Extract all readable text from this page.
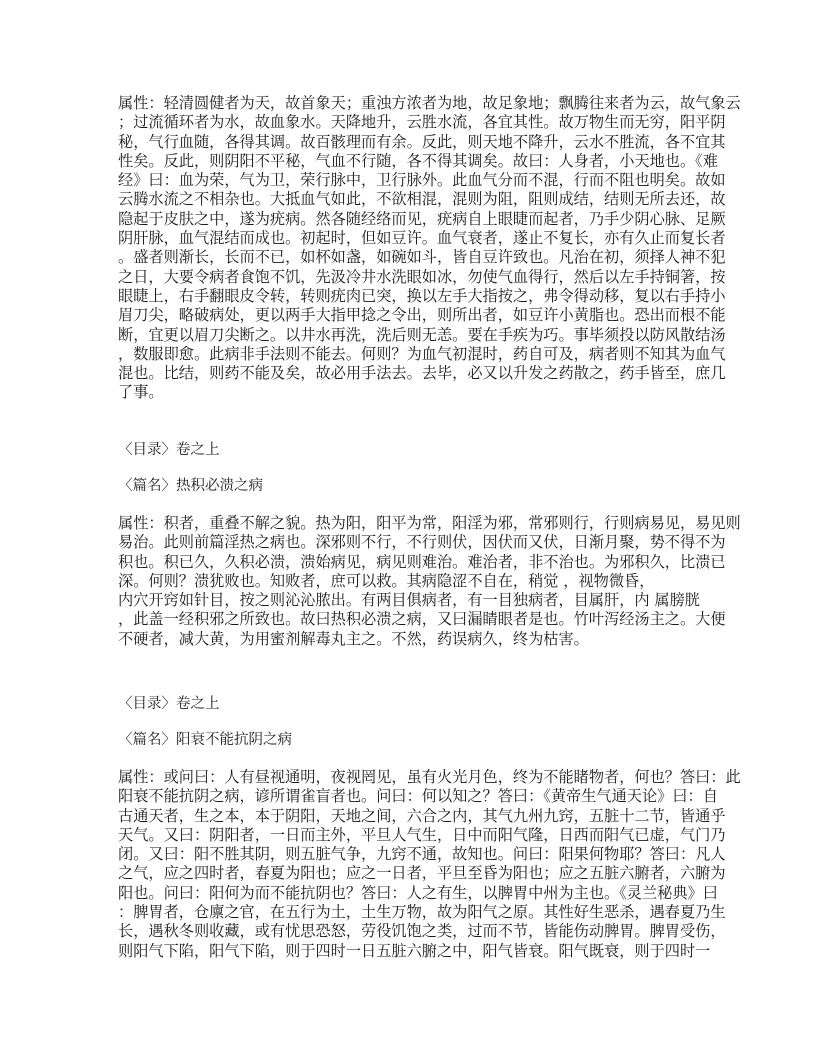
属性：轻清圆健者为天，故首象天；重浊方浓者为地，故足象地；飘腾往来者为云，故气象云
；过流循环者为水，故血象水。天降地升，云胜水流，各宜其性。故万物生而无穷，阳平阴
秘，气行血随，各得其调。故百骸理而有余。反此，则天地不降升，云水不胜流，各不宜其
性矣。反此，则阴阳不平秘，气血不行随，各不得其调矣。故曰：人身者，小天地也。《难
经》曰：血为荣，气为卫，荣行脉中，卫行脉外。此血气分而不混，行而不阻也明矣。故如
云腾水流之不相杂也。大抵血气如此，不欲相混，混则为阻，阻则成结，结则无所去还，故
隐起于皮肤之中，遂为疣病。然各随经络而见，疣病自上眼睫而起者，乃手少阴心脉、足厥
阴肝脉，血气混结而成也。初起时，但如豆许。血气衰者，遂止不复长，亦有久止而复长者
。盛者则渐长，长而不已，如杯如盏，如碗如斗，皆自豆许致也。凡治在初，须择人神不犯
之日，大要令病者食饱不饥，先汲冷井水洗眼如冰，勿使气血得行，然后以左手持铜箸，按
眼睫上，右手翻眼皮令转，转则疣肉已突，换以左手大指按之，弗令得动移，复以右手持小
眉刀尖，略破病处，更以两手大指甲捻之令出，则所出者，如豆许小黄脂也。恐出而根不能
断，宜更以眉刀尖断之。以井水再洗，洗后则无恙。要在手疾为巧。事毕须投以防风散结汤
，数服即愈。此病非手法则不能去。何则？为血气初混时，药自可及，病者则不知其为血气
混也。比结，则药不能及矣，故必用手法去。去毕，必又以升发之药散之，药手皆至，庶几
了事。
〈目录〉卷之上
〈篇名〉热积必溃之病
属性：积者，重叠不解之貌。热为阳，阳平为常，阳淫为邪，常邪则行，行则病易见，易见则
易治。此则前篇淫热之病也。深邪则不行，不行则伏，因伏而又伏，日渐月聚，势不得不为
积也。积已久，久积必溃，溃始病见，病见则难治。难治者，非不治也。为邪积久，比溃已
深。何则？溃犹败也。知败者，庶可以救。其病隐涩不自在，稍觉 ，视物微昏，
内穴开窍如针目，按之则沁沁脓出。有两目俱病者，有一目独病者，目属肝，内 属膀胱
，此盖一经积邪之所致也。故曰热积必溃之病，又曰漏睛眼者是也。竹叶泻经汤主之。大便
不硬者，减大黄，为用蜜剂解毒丸主之。不然，药误病久，终为枯害。
〈目录〉卷之上
〈篇名〉阳衰不能抗阴之病
属性：或问曰：人有昼视通明，夜视罔见，虽有火光月色，终为不能睹物者，何也？答曰：此
阳衰不能抗阴之病，谚所谓雀盲者也。问曰：何以知之？答曰：《黄帝生气通天论》曰：自
古通天者，生之本，本于阴阳，天地之间，六合之内，其气九州九窍，五脏十二节，皆通乎
天气。又曰：阴阳者，一日而主外，平旦人气生，日中而阳气隆，日西而阳气已虚，气门乃
闭。又曰：阳不胜其阴，则五脏气争，九窍不通，故知也。问曰：阳果何物耶？答曰：凡人
之气，应之四时者，春夏为阳也；应之一日者，平旦至昏为阳也；应之五脏六腑者，六腑为
阳也。问曰：阳何为而不能抗阴也？答曰：人之有生，以脾胃中州为主也。《灵兰秘典》曰
：脾胃者，仓廪之官，在五行为土，土生万物，故为阳气之原。其性好生恶杀，遇春夏乃生
长，遇秋冬则收藏，或有忧思恐怒，劳役饥饱之类，过而不节，皆能伤动脾胃。脾胃受伤，
则阳气下陷，阳气下陷，则于四时一日五脏六腑之中，阳气皆衰。阳气既衰，则于四时一
